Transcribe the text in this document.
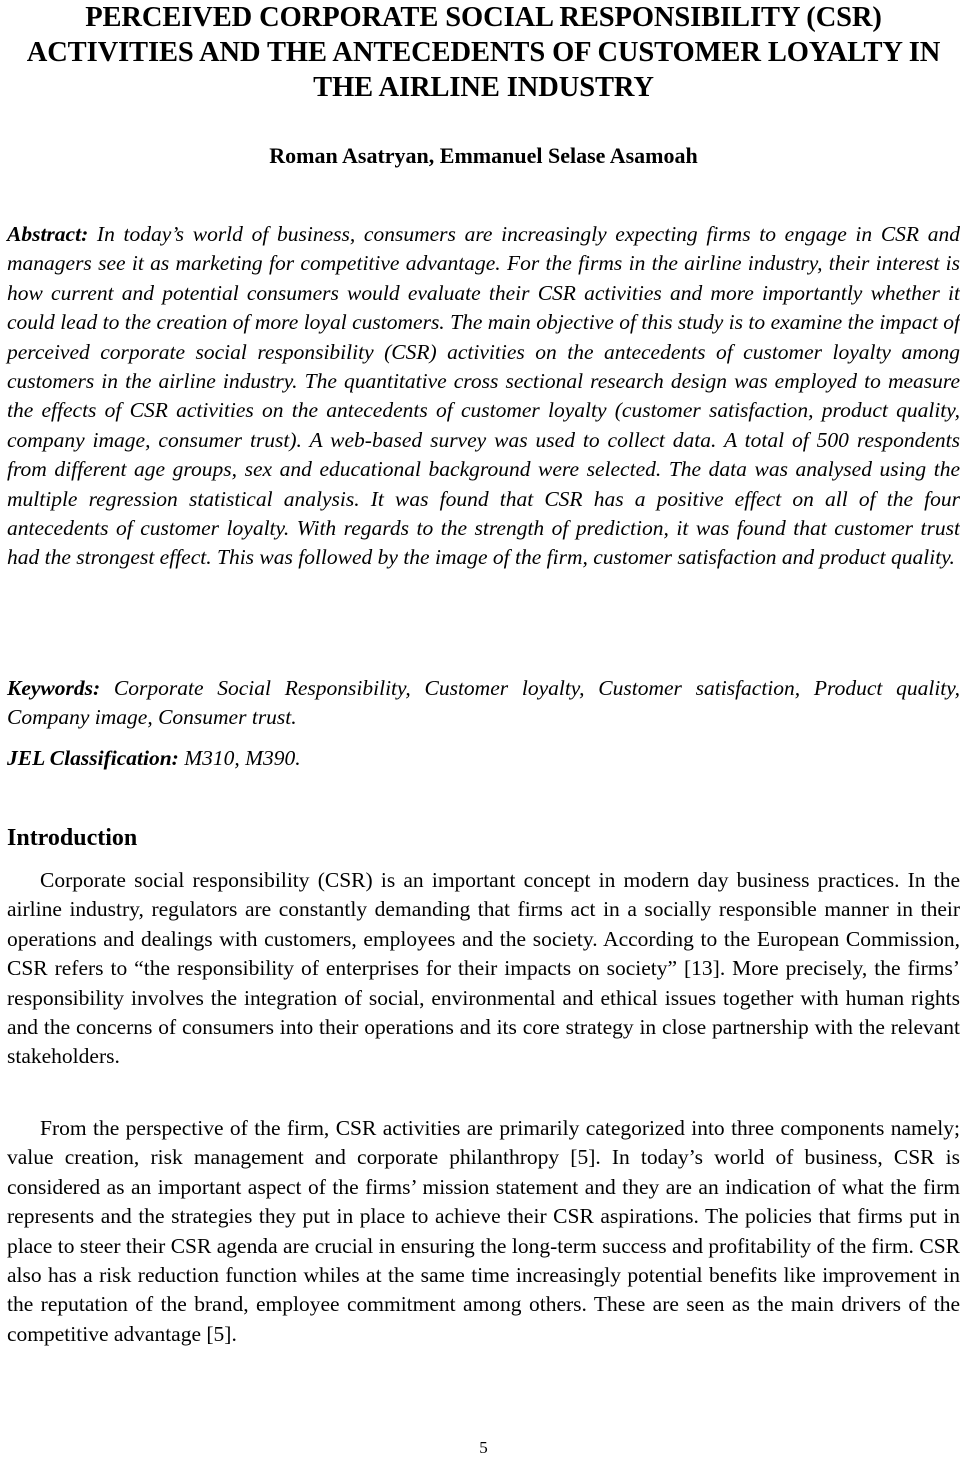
PERCEIVED CORPORATE SOCIAL RESPONSIBILITY (CSR) ACTIVITIES AND THE ANTECEDENTS OF CUSTOMER LOYALTY IN THE AIRLINE INDUSTRY

Roman Asatryan, Emmanuel Selase Asamoah

Abstract: In today’s world of business, consumers are increasingly expecting firms to engage in CSR and managers see it as marketing for competitive advantage. For the firms in the airline industry, their interest is how current and potential consumers would evaluate their CSR activities and more importantly whether it could lead to the creation of more loyal customers. The main objective of this study is to examine the impact of perceived corporate social responsibility (CSR) activities on the antecedents of customer loyalty among customers in the airline industry. The quantitative cross sectional research design was employed to measure the effects of CSR activities on the antecedents of customer loyalty (customer satisfaction, product quality, company image, consumer trust). A web-based survey was used to collect data. A total of 500 respondents from different age groups, sex and educational background were selected. The data was analysed using the multiple regression statistical analysis. It was found that CSR has a positive effect on all of the four antecedents of customer loyalty. With regards to the strength of prediction, it was found that customer trust had the strongest effect. This was followed by the image of the firm, customer satisfaction and product quality.

Keywords: Corporate Social Responsibility, Customer loyalty, Customer satisfaction, Product quality, Company image, Consumer trust.

JEL Classification: M310, M390.

Introduction

Corporate social responsibility (CSR) is an important concept in modern day business practices. In the airline industry, regulators are constantly demanding that firms act in a socially responsible manner in their operations and dealings with customers, employees and the society. According to the European Commission, CSR refers to “the responsibility of enterprises for their impacts on society” [13]. More precisely, the firms’ responsibility involves the integration of social, environmental and ethical issues together with human rights and the concerns of consumers into their operations and its core strategy in close partnership with the relevant stakeholders.

From the perspective of the firm, CSR activities are primarily categorized into three components namely; value creation, risk management and corporate philanthropy [5]. In today’s world of business, CSR is considered as an important aspect of the firms’ mission statement and they are an indication of what the firm represents and the strategies they put in place to achieve their CSR aspirations. The policies that firms put in place to steer their CSR agenda are crucial in ensuring the long-term success and profitability of the firm. CSR also has a risk reduction function whiles at the same time increasingly potential benefits like improvement in the reputation of the brand, employee commitment among others. These are seen as the main drivers of the competitive advantage [5].

5
